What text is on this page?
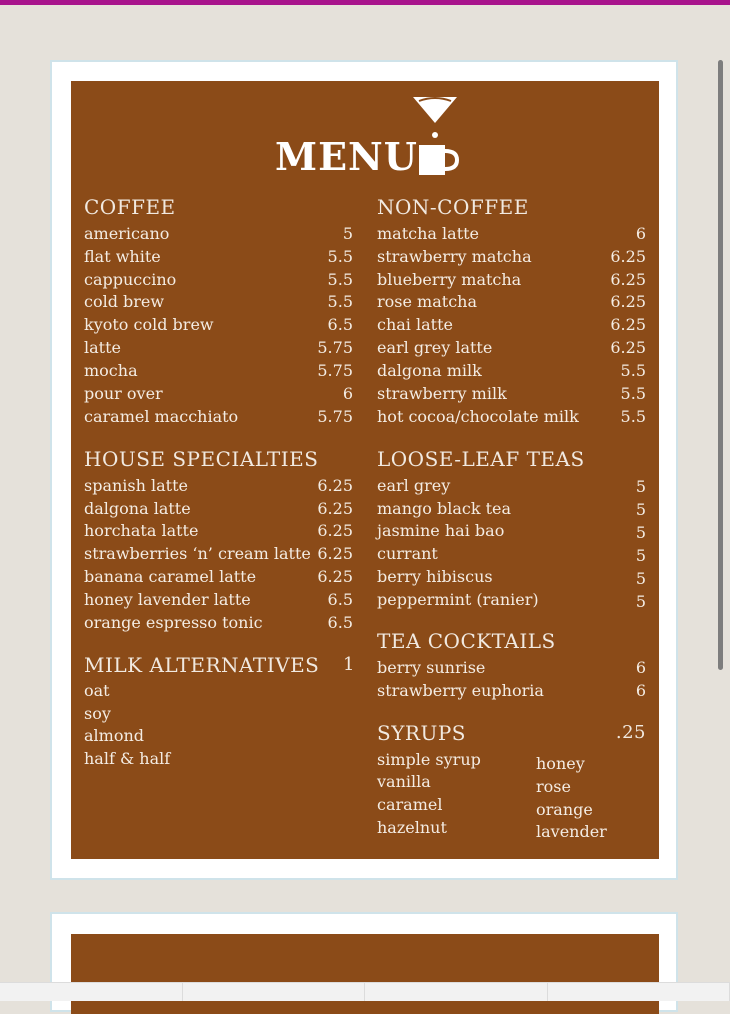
MENU
COFFEE
americano	5
flat white	5.5
cappuccino	5.5
cold brew	5.5
kyoto cold brew	6.5
latte	5.75
mocha	5.75
pour over	6
caramel macchiato	5.75
NON-COFFEE
matcha latte	6
strawberry matcha	6.25
blueberry matcha	6.25
rose matcha	6.25
chai latte	6.25
earl grey latte	6.25
dalgona milk	5.5
strawberry milk	5.5
hot cocoa/chocolate milk	5.5
HOUSE SPECIALTIES
spanish latte	6.25
dalgona latte	6.25
horchata latte	6.25
strawberries ‘n’ cream latte 6.25
banana caramel latte	6.25
honey lavender latte	6.5
orange espresso tonic	6.5
LOOSE-LEAF TEAS
earl grey	5
mango black tea	5
jasmine hai bao	5
currant	5
berry hibiscus	5
peppermint (ranier)	5
MILK ALTERNATIVES 1
oat
soy
almond
half & half
TEA COCKTAILS
berry sunrise	6
strawberry euphoria	6
SYRUPS	.25
simple syrup
vanilla
caramel
hazelnut
honey
rose
orange
lavender
